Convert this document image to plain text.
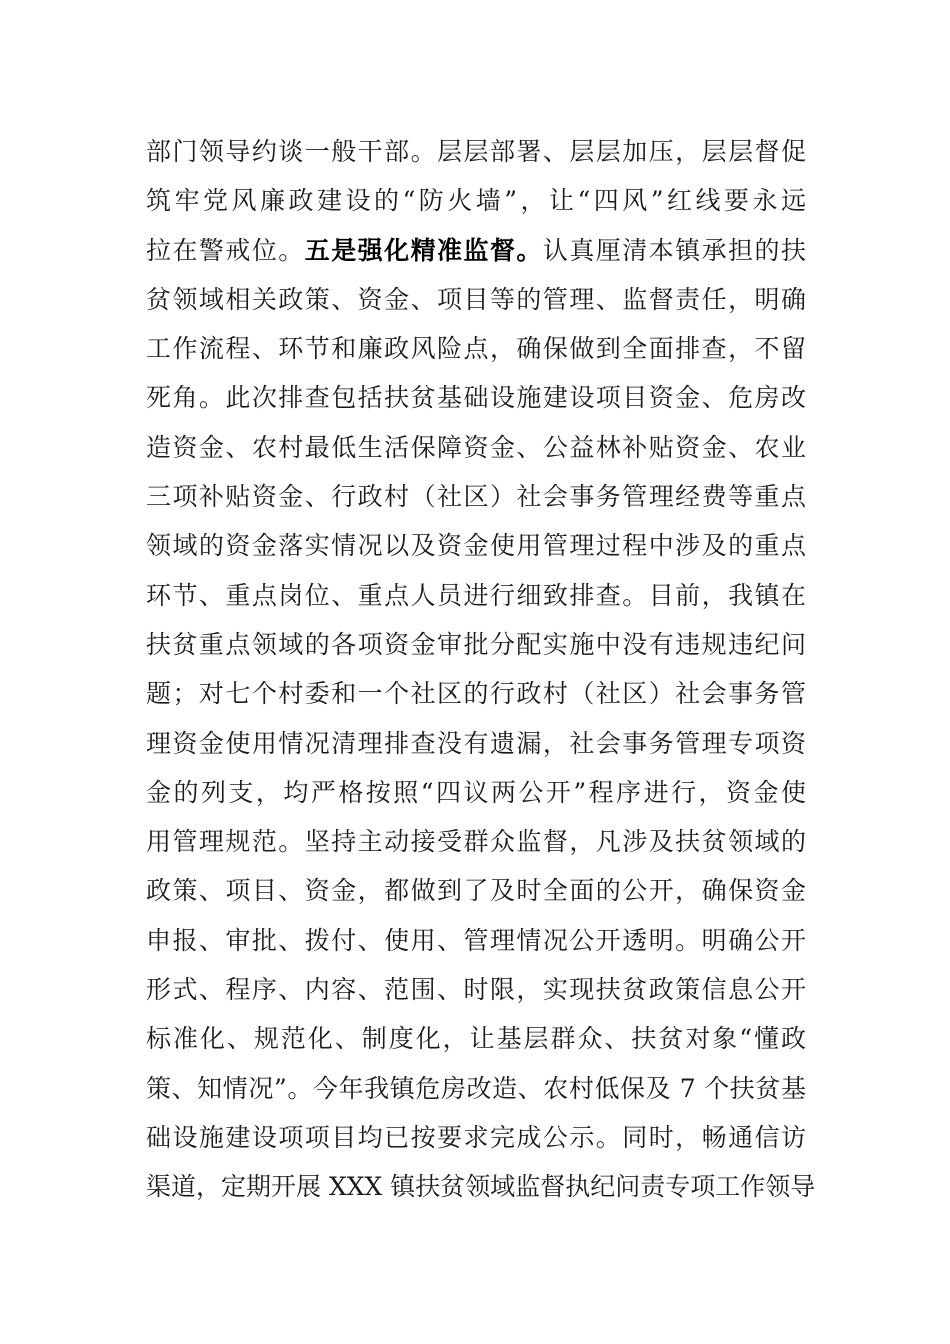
部门领导约谈一般干部。层层部署、层层加压，层层督促
筑牢党风廉政建设的“防火墙”，让“四风”红线要永远
拉在警戒位。五是强化精准监督。认真厘清本镇承担的扶
贫领域相关政策、资金、项目等的管理、监督责任，明确
工作流程、环节和廉政风险点，确保做到全面排查，不留
死角。此次排查包括扶贫基础设施建设项目资金、危房改
造资金、农村最低生活保障资金、公益林补贴资金、农业
三项补贴资金、行政村（社区）社会事务管理经费等重点
领域的资金落实情况以及资金使用管理过程中涉及的重点
环节、重点岗位、重点人员进行细致排查。目前，我镇在
扶贫重点领域的各项资金审批分配实施中没有违规违纪问
题；对七个村委和一个社区的行政村（社区）社会事务管
理资金使用情况清理排查没有遗漏，社会事务管理专项资
金的列支，均严格按照“四议两公开”程序进行，资金使
用管理规范。坚持主动接受群众监督，凡涉及扶贫领域的
政策、项目、资金，都做到了及时全面的公开，确保资金
申报、审批、拨付、使用、管理情况公开透明。明确公开
形式、程序、内容、范围、时限，实现扶贫政策信息公开
标准化、规范化、制度化，让基层群众、扶贫对象“懂政
策、知情况”。今年我镇危房改造、农村低保及 7 个扶贫基
础设施建设项项目均已按要求完成公示。同时，畅通信访
渠道，定期开展 XXX 镇扶贫领域监督执纪问责专项工作领导
